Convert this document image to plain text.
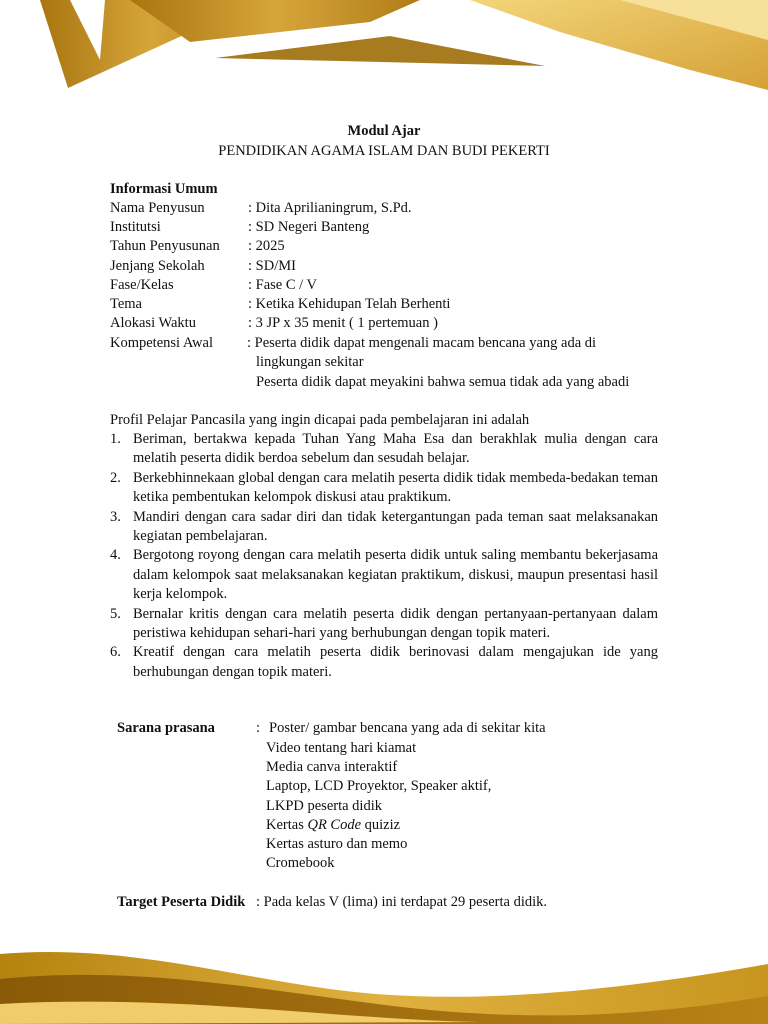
Modul Ajar
PENDIDIKAN AGAMA ISLAM DAN BUDI PEKERTI
Informasi Umum
Nama Penyusun	: Dita Aprilianingrum, S.Pd.
Institutsi	: SD Negeri Banteng
Tahun Penyusunan : 2025
Jenjang Sekolah	: SD/MI
Fase/Kelas	: Fase C / V
Tema	: Ketika Kehidupan Telah Berhenti
Alokasi Waktu	: 3 JP x 35 menit ( 1 pertemuan )
Kompetensi Awal : Peserta didik dapat mengenali macam bencana yang ada di
lingkungan sekitar
Peserta didik dapat meyakini bahwa semua tidak ada yang abadi
Profil Pelajar Pancasila yang ingin dicapai pada pembelajaran ini adalah
1. Beriman, bertakwa kepada Tuhan Yang Maha Esa dan berakhlak mulia dengan cara melatih peserta didik berdoa sebelum dan sesudah belajar.
2. Berkebhinnekaan global dengan cara melatih peserta didik tidak membeda-bedakan teman ketika pembentukan kelompok diskusi atau praktikum.
3. Mandiri dengan cara sadar diri dan tidak ketergantungan pada teman saat melaksanakan kegiatan pembelajaran.
4. Bergotong royong dengan cara melatih peserta didik untuk saling membantu bekerjasama dalam kelompok saat melaksanakan kegiatan praktikum, diskusi, maupun presentasi hasil kerja kelompok.
5. Bernalar kritis dengan cara melatih peserta didik dengan pertanyaan-pertanyaan dalam peristiwa kehidupan sehari-hari yang berhubungan dengan topik materi.
6. Kreatif dengan cara melatih peserta didik berinovasi dalam mengajukan ide yang berhubungan dengan topik materi.
Sarana prasana	: Poster/ gambar bencana yang ada di sekitar kita
Video tentang hari kiamat
Media canva interaktif
Laptop, LCD Proyektor, Speaker aktif,
LKPD peserta didik
Kertas QR Code quiziz
Kertas asturo dan memo
Cromebook
Target Peserta Didik : Pada kelas V (lima) ini terdapat 29 peserta didik.
